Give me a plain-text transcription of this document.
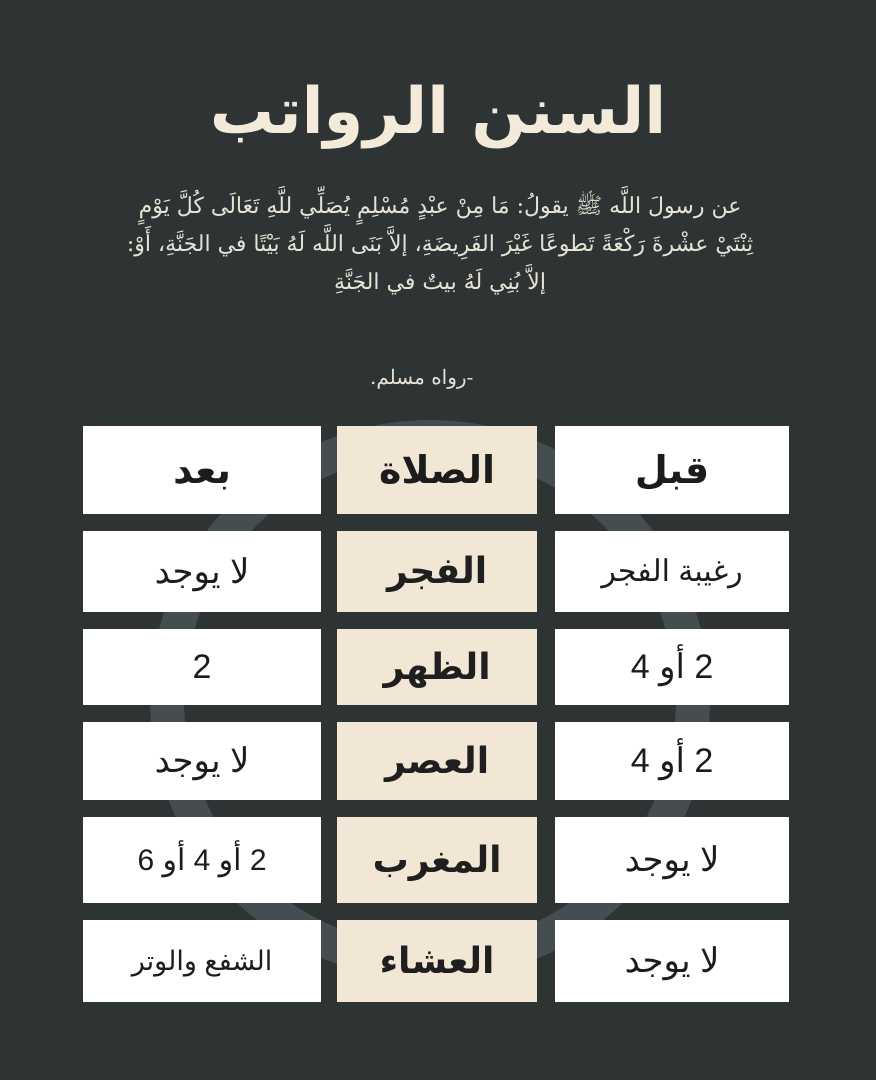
السنن الرواتب
عن رسولَ اللَّه ﷺ يقولُ: مَا مِنْ عبْدٍ مُسْلِمٍ يُصَلِّي للَّهِ تَعَالَى كُلَّ يَوْمٍ
ثِنْتَيْ عشْرةَ رَكْعَةً تَطوعًا غَيْرَ الفَرِيضَةِ، إلاَّ بَنَى اللَّه لَهُ بَيْتًا في الجَنَّةِ، أَوْ:
إلاَّ بُنِي لَهُ بيتٌ في الجَنَّةِ
-رواه مسلم.
قبل
الصلاة
بعد
رغيبة الفجر
الفجر
لا يوجد
2 أو 4
الظهر
2
2 أو 4
العصر
لا يوجد
لا يوجد
المغرب
2 أو 4 أو 6
لا يوجد
العشاء
الشفع والوتر
